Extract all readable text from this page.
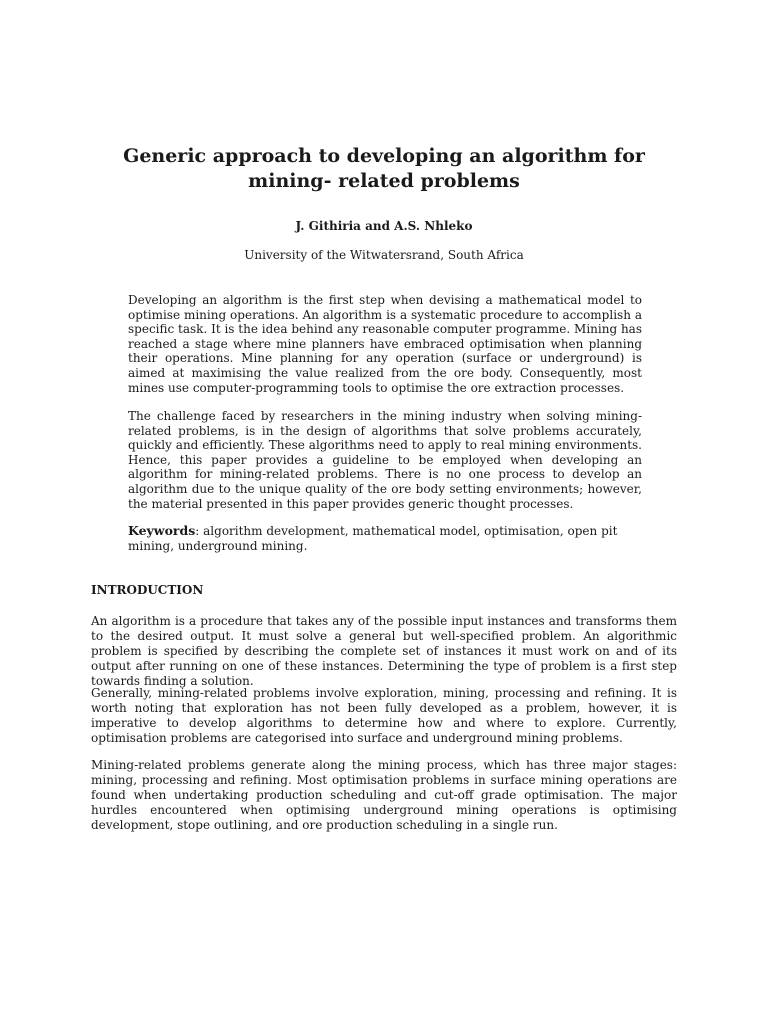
Generic approach to developing an algorithm for
mining- related problems
J. Githiria and A.S. Nhleko
University of the Witwatersrand, South Africa

Developing an algorithm is the first step when devising a mathematical model to optimise mining operations. An algorithm is a systematic procedure to accomplish a specific task. It is the idea behind any reasonable computer programme. Mining has reached a stage where mine planners have embraced optimisation when planning their operations. Mine planning for any operation (surface or underground) is aimed at maximising the value realized from the ore body. Consequently, most mines use computer-programming tools to optimise the ore extraction processes.

The challenge faced by researchers in the mining industry when solving mining-related problems, is in the design of algorithms that solve problems accurately, quickly and efficiently. These algorithms need to apply to real mining environments. Hence, this paper provides a guideline to be employed when developing an algorithm for mining-related problems. There is no one process to develop an algorithm due to the unique quality of the ore body setting environments; however, the material presented in this paper provides generic thought processes.

Keywords: algorithm development, mathematical model, optimisation, open pit mining, underground mining.

INTRODUCTION

An algorithm is a procedure that takes any of the possible input instances and transforms them to the desired output. It must solve a general but well-specified problem. An algorithmic problem is specified by describing the complete set of instances it must work on and of its output after running on one of these instances. Determining the type of problem is a first step towards finding a solution.

Generally, mining-related problems involve exploration, mining, processing and refining. It is worth noting that exploration has not been fully developed as a problem, however, it is imperative to develop algorithms to determine how and where to explore. Currently, optimisation problems are categorised into surface and underground mining problems.

Mining-related problems generate along the mining process, which has three major stages: mining, processing and refining. Most optimisation problems in surface mining operations are found when undertaking production scheduling and cut-off grade optimisation. The major hurdles encountered when optimising underground mining operations is optimising development, stope outlining, and ore production scheduling in a single run.
